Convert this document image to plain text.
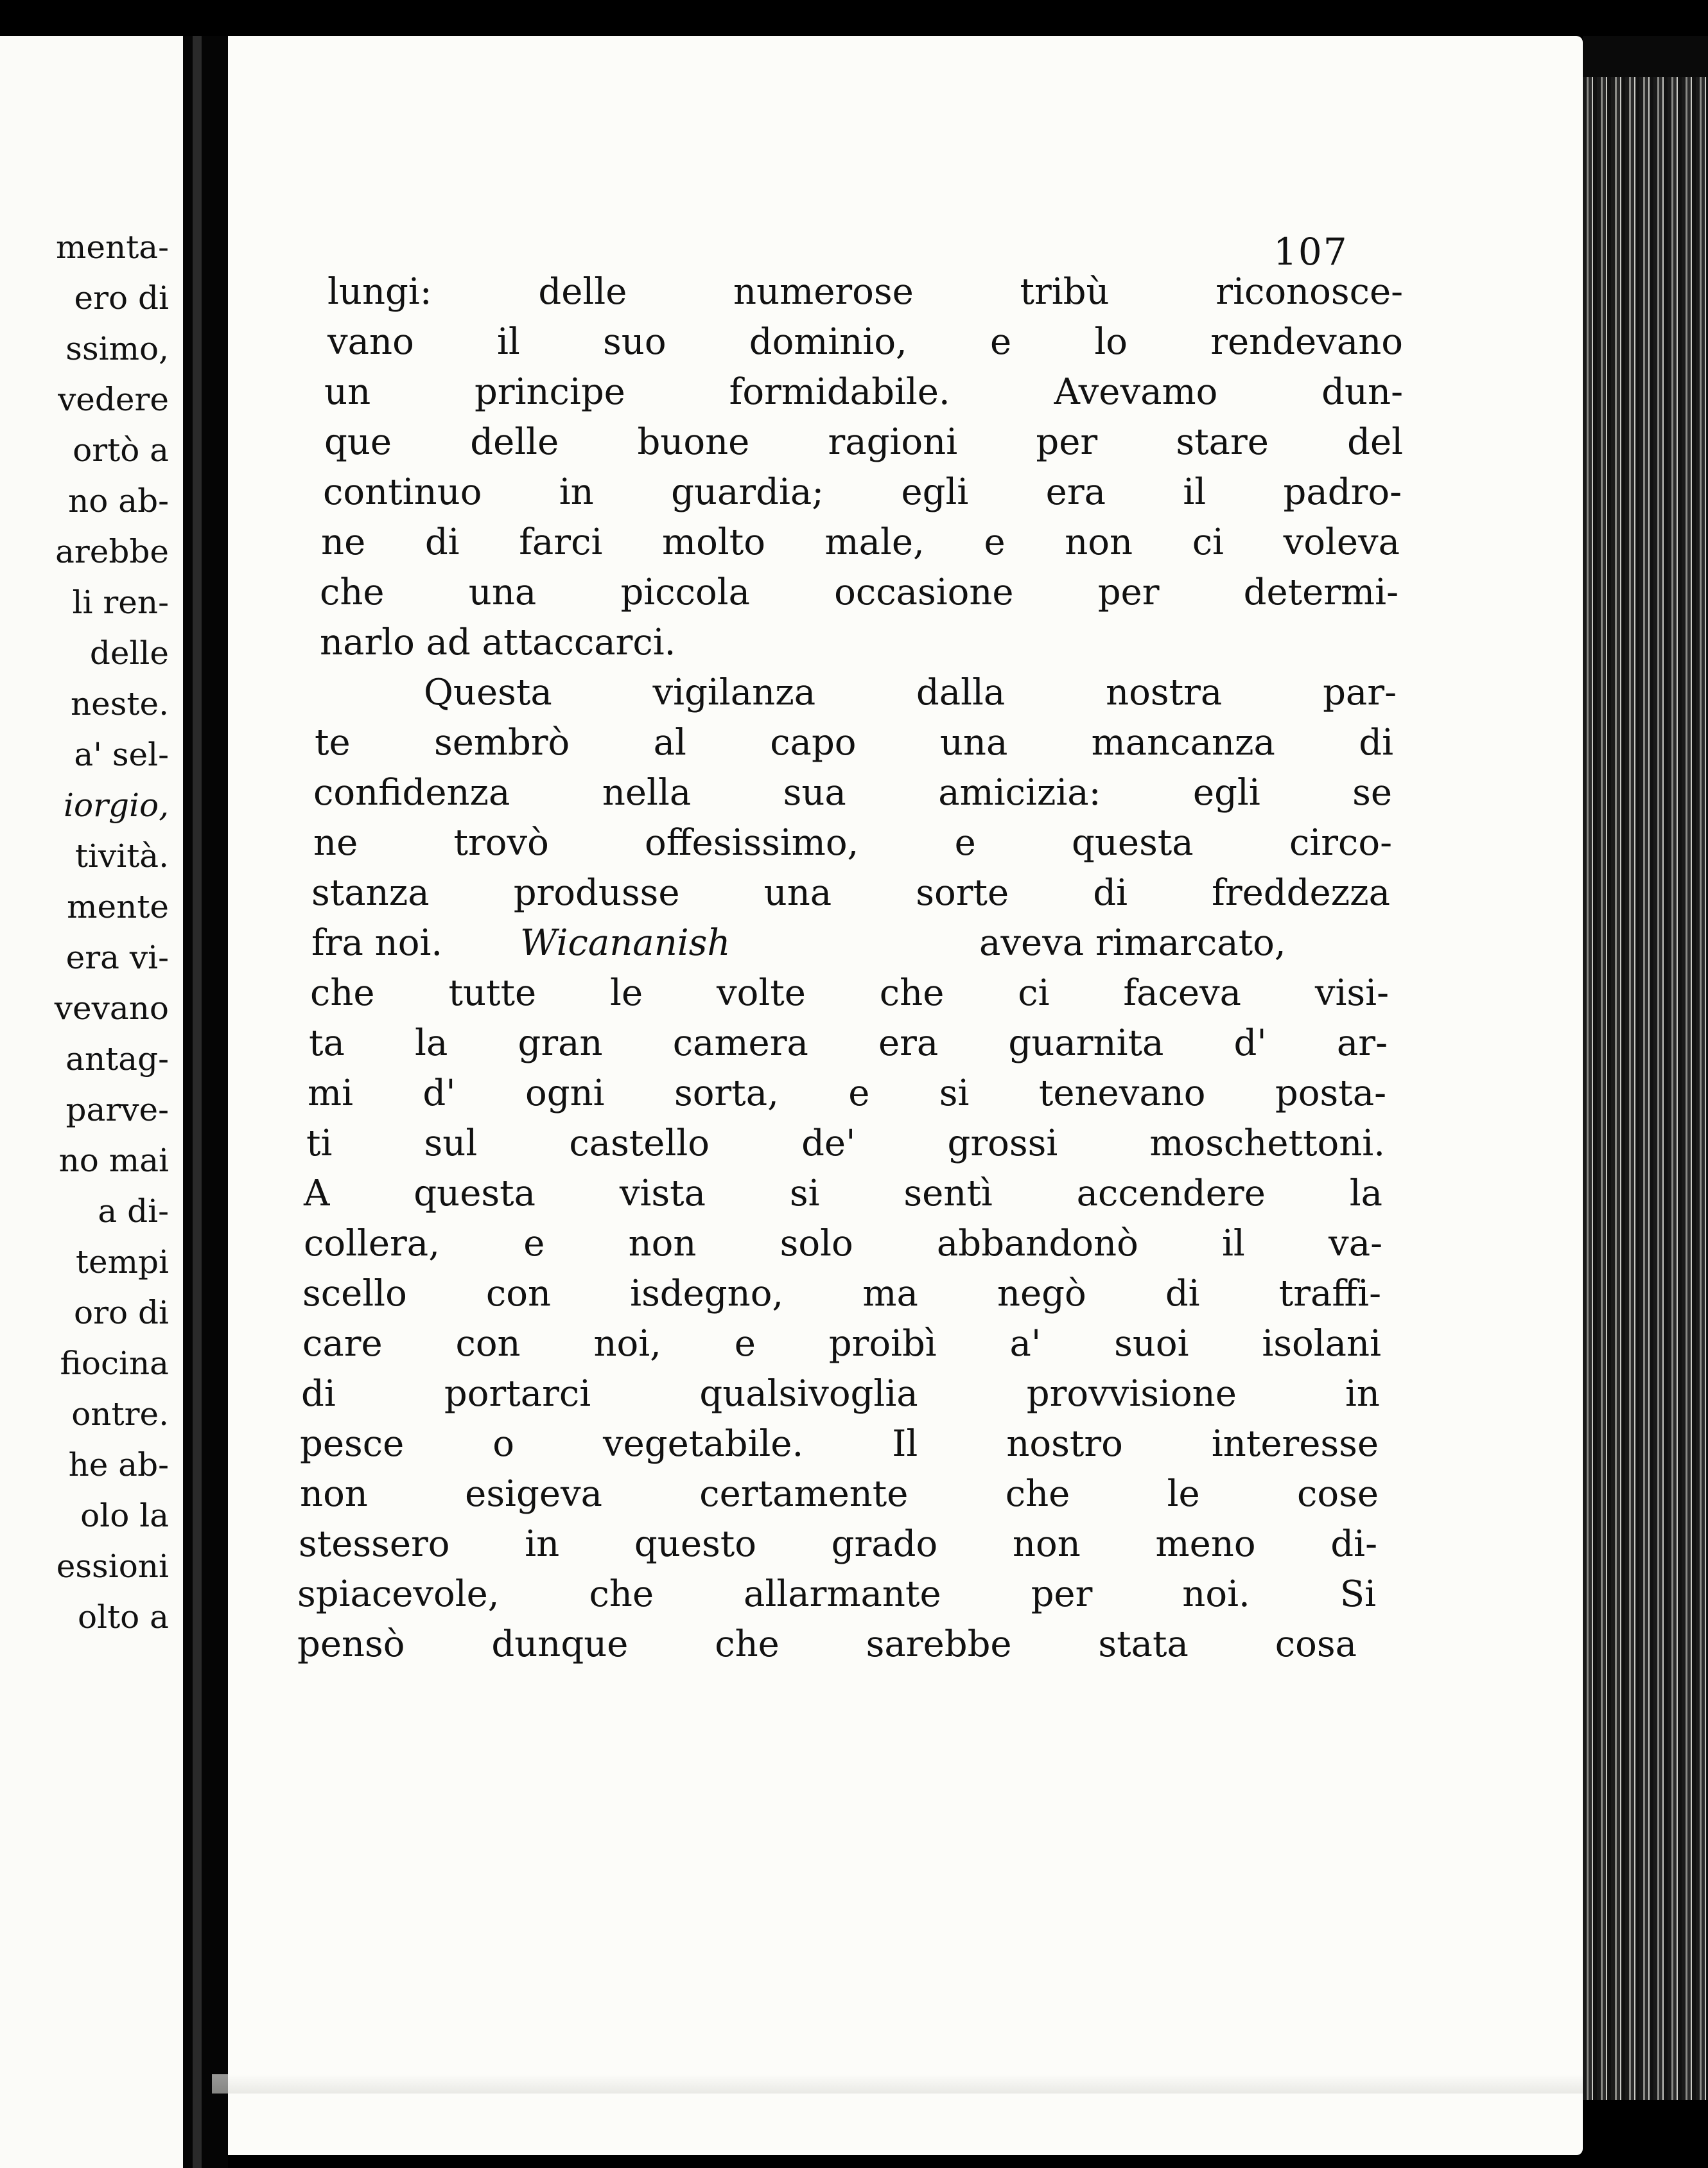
menta-
ero di
ssimo,
vedere
ortò a
no ab-
arebbe
li ren-
delle
neste.
a' sel-
iorgio,
tività.
mente
era vi-
vevano
antag-
parve-
no mai
a di-
tempi
oro di
fiocina
ontre.
he ab-
olo la
essioni
olto a
107
lungi: delle numerose tribù riconosce-
vano il suo dominio, e lo rendevano
un principe formidabile. Avevamo dun-
que delle buone ragioni per stare del
continuo in guardia; egli era il padro-
ne di farci molto male, e non ci voleva
che una piccola occasione per determi-
narlo ad attaccarci.
Questa vigilanza dalla nostra par-
te sembrò al capo una mancanza di
confidenza nella sua amicizia: egli se
ne trovò offesissimo, e questa circo-
stanza produsse una sorte di freddezza
fra noi. Wicananish	aveva rimarcato,
che tutte le volte che ci faceva visi-
ta la gran camera era guarnita d' ar-
mi d' ogni sorta, e si tenevano posta-
ti sul castello de' grossi moschettoni.
A questa vista si sentì accendere la
collera, e non solo abbandonò il va-
scello con isdegno, ma negò di traffi-
care con noi, e proibì a' suoi isolani
di portarci qualsivoglia provvisione in
pesce o vegetabile. Il nostro interesse
non esigeva certamente che le cose
stessero in questo grado non meno di-
spiacevole, che allarmante per noi. Si
pensò dunque che sarebbe stata cosa
